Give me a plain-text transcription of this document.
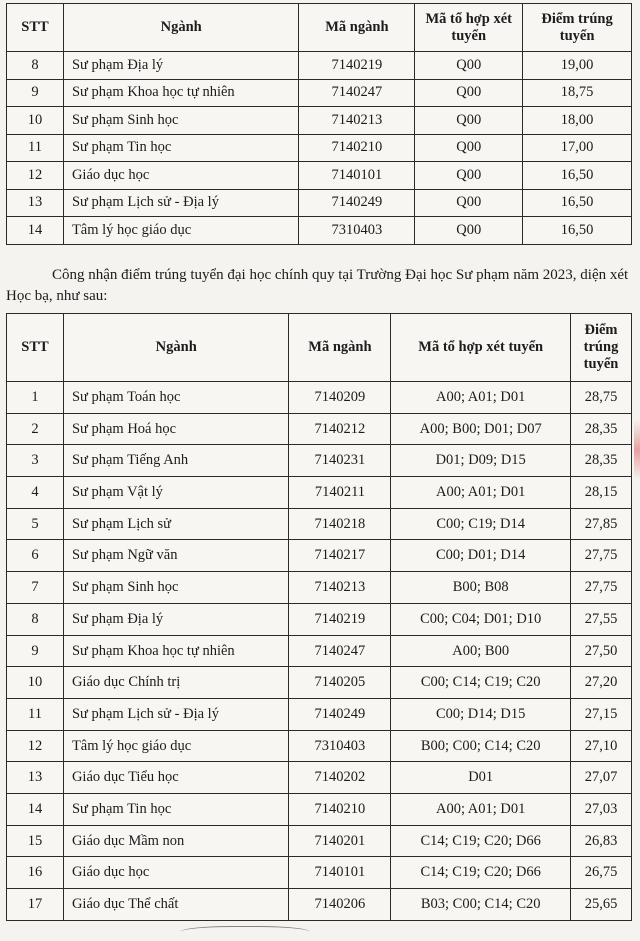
STT	Ngành	Mã ngành	Mã tổ hợp xét tuyển	Điểm trúng tuyển
8	Sư phạm Địa lý	7140219	Q00	19,00
9	Sư phạm Khoa học tự nhiên	7140247	Q00	18,75
10	Sư phạm Sinh học	7140213	Q00	18,00
11	Sư phạm Tin học	7140210	Q00	17,00
12	Giáo dục học	7140101	Q00	16,50
13	Sư phạm Lịch sử - Địa lý	7140249	Q00	16,50
14	Tâm lý học giáo dục	7310403	Q00	16,50
Công nhận điểm trúng tuyển đại học chính quy tại Trường Đại học Sư phạm năm 2023, diện xét Học bạ, như sau:
STT	Ngành	Mã ngành	Mã tổ hợp xét tuyển	Điểm trúng tuyển
1	Sư phạm Toán học	7140209	A00; A01; D01	28,75
2	Sư phạm Hoá học	7140212	A00; B00; D01; D07	28,35
3	Sư phạm Tiếng Anh	7140231	D01; D09; D15	28,35
4	Sư phạm Vật lý	7140211	A00; A01; D01	28,15
5	Sư phạm Lịch sử	7140218	C00; C19; D14	27,85
6	Sư phạm Ngữ văn	7140217	C00; D01; D14	27,75
7	Sư phạm Sinh học	7140213	B00; B08	27,75
8	Sư phạm Địa lý	7140219	C00; C04; D01; D10	27,55
9	Sư phạm Khoa học tự nhiên	7140247	A00; B00	27,50
10	Giáo dục Chính trị	7140205	C00; C14; C19; C20	27,20
11	Sư phạm Lịch sử - Địa lý	7140249	C00; D14; D15	27,15
12	Tâm lý học giáo dục	7310403	B00; C00; C14; C20	27,10
13	Giáo dục Tiểu học	7140202	D01	27,07
14	Sư phạm Tin học	7140210	A00; A01; D01	27,03
15	Giáo dục Mầm non	7140201	C14; C19; C20; D66	26,83
16	Giáo dục học	7140101	C14; C19; C20; D66	26,75
17	Giáo dục Thể chất	7140206	B03; C00; C14; C20	25,65
